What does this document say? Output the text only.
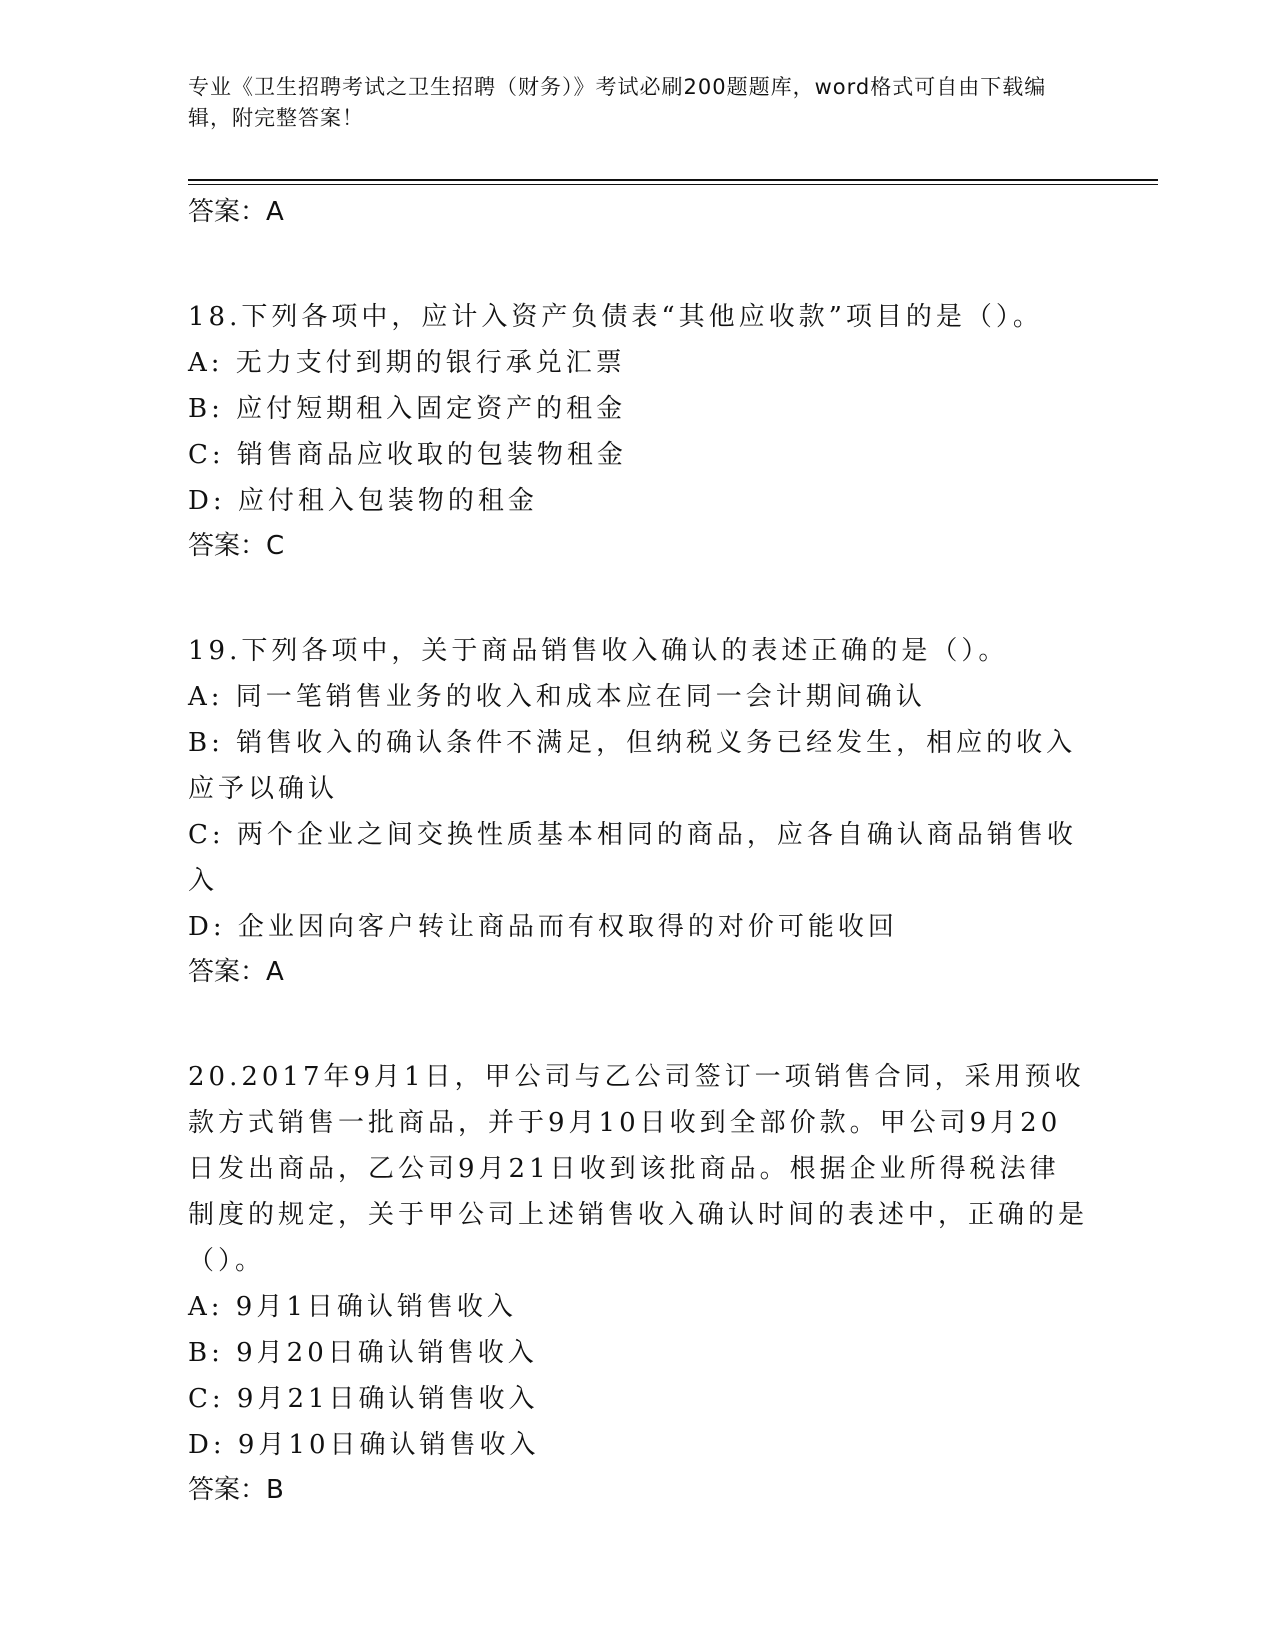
专业《卫生招聘考试之卫生招聘（财务）》考试必刷200题题库，word格式可自由下载编辑，附完整答案！

答案：A

18.下列各项中，应计入资产负债表“其他应收款”项目的是（）。

A: 无力支付到期的银行承兑汇票

B: 应付短期租入固定资产的租金

C: 销售商品应收取的包装物租金

D: 应付租入包装物的租金

答案：C

19.下列各项中，关于商品销售收入确认的表述正确的是（）。

A: 同一笔销售业务的收入和成本应在同一会计期间确认

B: 销售收入的确认条件不满足，但纳税义务已经发生，相应的收入应予以确认

C: 两个企业之间交换性质基本相同的商品，应各自确认商品销售收入

D: 企业因向客户转让商品而有权取得的对价可能收回

答案：A

20.2017年9月1日，甲公司与乙公司签订一项销售合同，采用预收款方式销售一批商品，并于9月10日收到全部价款。甲公司9月20日发出商品，乙公司9月21日收到该批商品。根据企业所得税法律制度的规定，关于甲公司上述销售收入确认时间的表述中，正确的是（）。

A: 9月1日确认销售收入

B: 9月20日确认销售收入

C: 9月21日确认销售收入

D: 9月10日确认销售收入

答案：B
